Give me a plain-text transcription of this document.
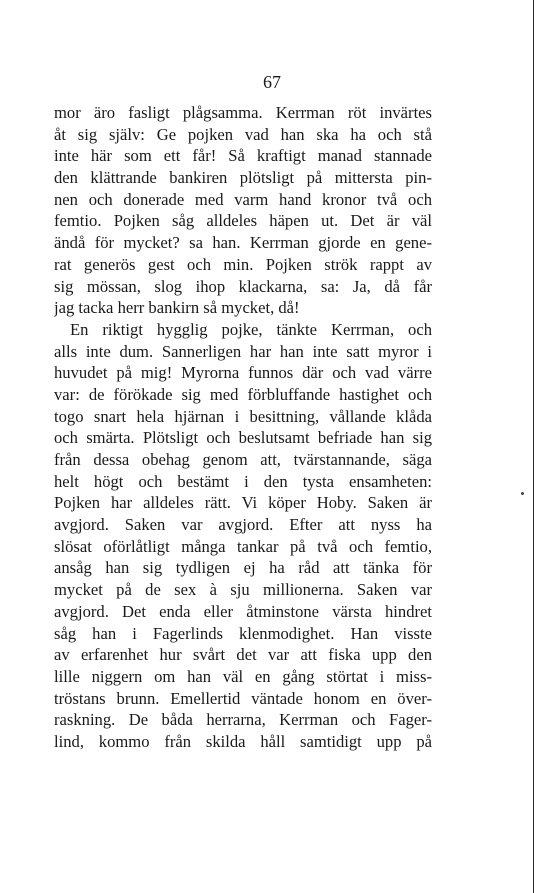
67
mor äro fasligt plågsamma. Kerrman röt invärtes
åt sig själv: Ge pojken vad han ska ha och stå
inte här som ett får! Så kraftigt manad stannade
den klättrande bankiren plötsligt på mittersta pin-
nen och donerade med varm hand kronor två och
femtio. Pojken såg alldeles häpen ut. Det är väl
ändå för mycket? sa han. Kerrman gjorde en gene-
rat generös gest och min. Pojken strök rappt av
sig mössan, slog ihop klackarna, sa: Ja, då får
jag tacka herr bankirn så mycket, då!
En riktigt hygglig pojke, tänkte Kerrman, och
alls inte dum. Sannerligen har han inte satt myror i
huvudet på mig! Myrorna funnos där och vad värre
var: de förökade sig med förbluffande hastighet och
togo snart hela hjärnan i besittning, vållande klåda
och smärta. Plötsligt och beslutsamt befriade han sig
från dessa obehag genom att, tvärstannande, säga
helt högt och bestämt i den tysta ensamheten:
Pojken har alldeles rätt. Vi köper Hoby. Saken är
avgjord. Saken var avgjord. Efter att nyss ha
slösat oförlåtligt många tankar på två och femtio,
ansåg han sig tydligen ej ha råd att tänka för
mycket på de sex à sju millionerna. Saken var
avgjord. Det enda eller åtminstone värsta hindret
såg han i Fagerlinds klenmodighet. Han visste
av erfarenhet hur svårt det var att fiska upp den
lille niggern om han väl en gång störtat i miss-
tröstans brunn. Emellertid väntade honom en över-
raskning. De båda herrarna, Kerrman och Fager-
lind, kommo från skilda håll samtidigt upp på
